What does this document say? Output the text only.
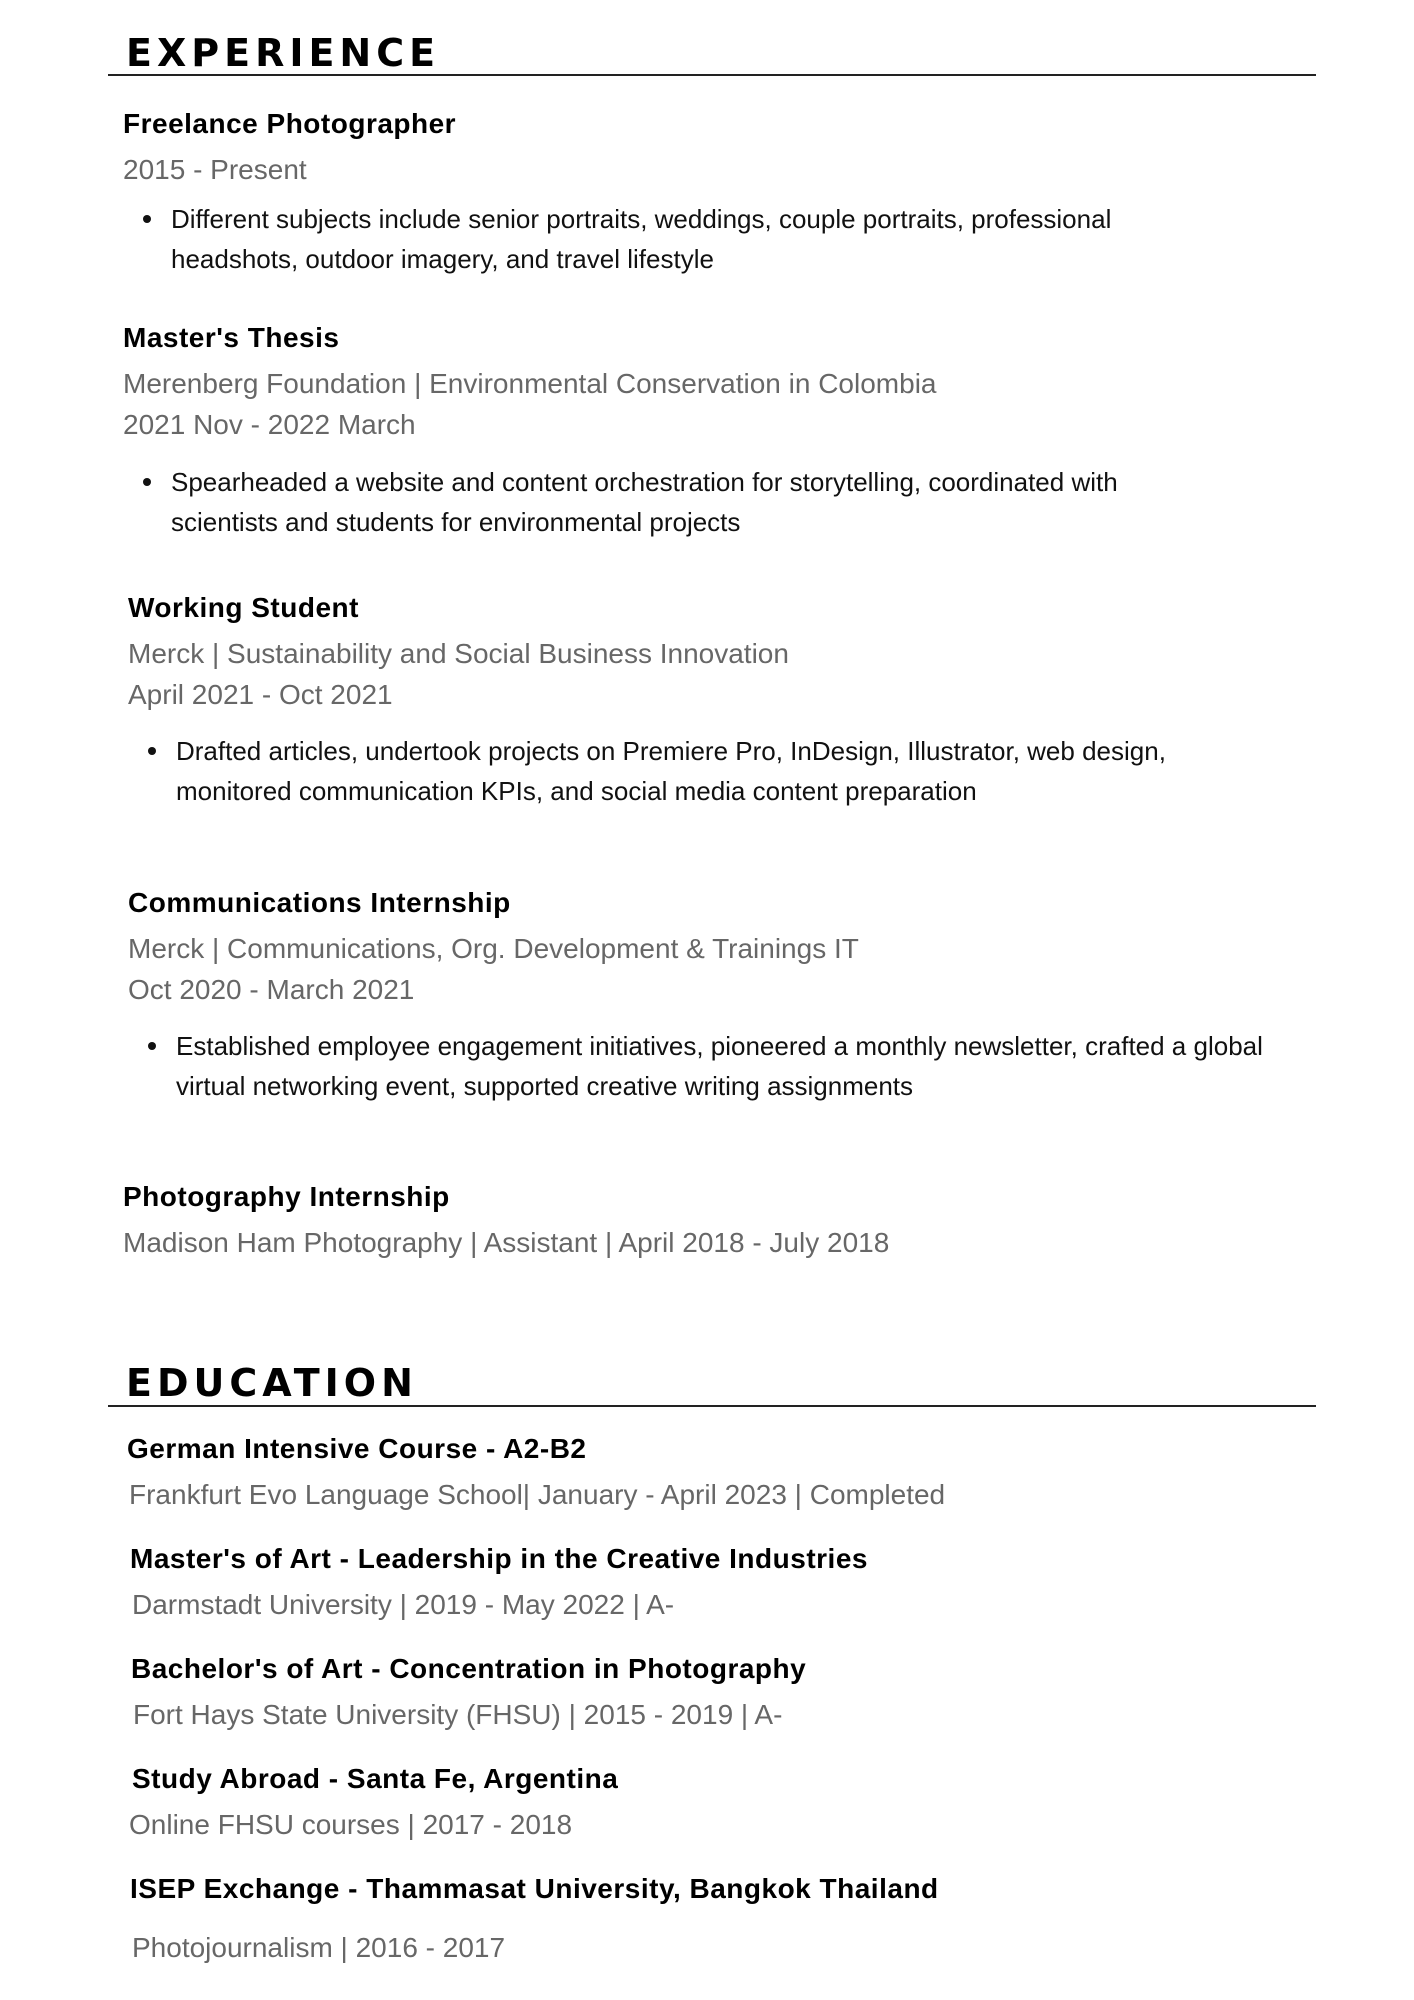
EXPERIENCE
Freelance Photographer
2015 - Present
Different subjects include senior portraits, weddings, couple portraits, professional headshots, outdoor imagery, and travel lifestyle
Master's Thesis
Merenberg Foundation | Environmental Conservation in Colombia
2021 Nov - 2022 March
Spearheaded a website and content orchestration for storytelling, coordinated with scientists and students for environmental projects
Working Student
Merck | Sustainability and Social Business Innovation
April 2021 - Oct 2021
Drafted articles, undertook projects on Premiere Pro, InDesign, Illustrator, web design, monitored communication KPIs, and social media content preparation
Communications Internship
Merck | Communications, Org. Development & Trainings IT
Oct 2020 - March 2021
Established employee engagement initiatives, pioneered a monthly newsletter, crafted a global virtual networking event, supported creative writing assignments
Photography Internship
Madison Ham Photography | Assistant | April 2018 - July 2018
EDUCATION
German Intensive Course - A2-B2
Frankfurt Evo Language School| January - April 2023 | Completed
Master's of Art - Leadership in the Creative Industries
Darmstadt University | 2019 - May 2022 | A-
Bachelor's of Art - Concentration in Photography
Fort Hays State University (FHSU) | 2015 - 2019 | A-
Study Abroad - Santa Fe, Argentina
Online FHSU courses | 2017 - 2018
ISEP Exchange - Thammasat University, Bangkok Thailand
Photojournalism | 2016 - 2017
